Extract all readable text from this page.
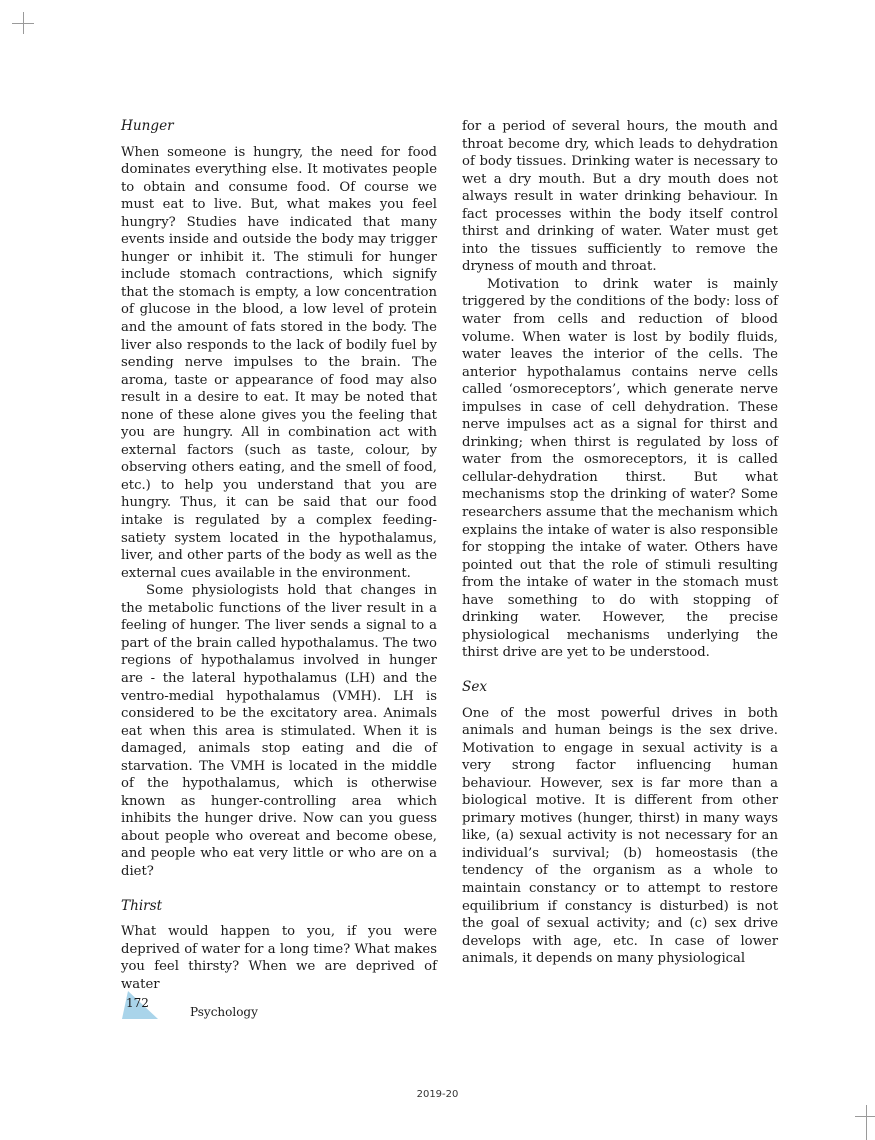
Hunger

When someone is hungry, the need for food dominates everything else. It motivates people to obtain and consume food. Of course we must eat to live. But, what makes you feel hungry? Studies have indicated that many events inside and outside the body may trigger hunger or inhibit it. The stimuli for hunger include stomach contractions, which signify that the stomach is empty, a low concentration of glucose in the blood, a low level of protein and the amount of fats stored in the body. The liver also responds to the lack of bodily fuel by sending nerve impulses to the brain. The aroma, taste or appearance of food may also result in a desire to eat. It may be noted that none of these alone gives you the feeling that you are hungry. All in combination act with external factors (such as taste, colour, by observing others eating, and the smell of food, etc.) to help you understand that you are hungry. Thus, it can be said that our food intake is regulated by a complex feeding-satiety system located in the hypothalamus, liver, and other parts of the body as well as the external cues available in the environment.

Some physiologists hold that changes in the metabolic functions of the liver result in a feeling of hunger. The liver sends a signal to a part of the brain called hypothalamus. The two regions of hypothalamus involved in hunger are - the lateral hypothalamus (LH) and the ventro-medial hypothalamus (VMH). LH is considered to be the excitatory area. Animals eat when this area is stimulated. When it is damaged, animals stop eating and die of starvation. The VMH is located in the middle of the hypothalamus, which is otherwise known as hunger-controlling area which inhibits the hunger drive. Now can you guess about people who overeat and become obese, and people who eat very little or who are on a diet?

Thirst

What would happen to you, if you were deprived of water for a long time? What makes you feel thirsty? When we are deprived of water

for a period of several hours, the mouth and throat become dry, which leads to dehydration of body tissues. Drinking water is necessary to wet a dry mouth. But a dry mouth does not always result in water drinking behaviour. In fact processes within the body itself control thirst and drinking of water. Water must get into the tissues sufficiently to remove the dryness of mouth and throat.

Motivation to drink water is mainly triggered by the conditions of the body: loss of water from cells and reduction of blood volume. When water is lost by bodily fluids, water leaves the interior of the cells. The anterior hypothalamus contains nerve cells called ‘osmoreceptors’, which generate nerve impulses in case of cell dehydration. These nerve impulses act as a signal for thirst and drinking; when thirst is regulated by loss of water from the osmoreceptors, it is called cellular-dehydration thirst. But what mechanisms stop the drinking of water? Some researchers assume that the mechanism which explains the intake of water is also responsible for stopping the intake of water. Others have pointed out that the role of stimuli resulting from the intake of water in the stomach must have something to do with stopping of drinking water. However, the precise physiological mechanisms underlying the thirst drive are yet to be understood.

Sex

One of the most powerful drives in both animals and human beings is the sex drive. Motivation to engage in sexual activity is a very strong factor influencing human behaviour. However, sex is far more than a biological motive. It is different from other primary motives (hunger, thirst) in many ways like, (a) sexual activity is not necessary for an individual’s survival; (b) homeostasis (the tendency of the organism as a whole to maintain constancy or to attempt to restore equilibrium if constancy is disturbed) is not the goal of sexual activity; and (c) sex drive develops with age, etc. In case of lower animals, it depends on many physiological

172
Psychology
2019-20
